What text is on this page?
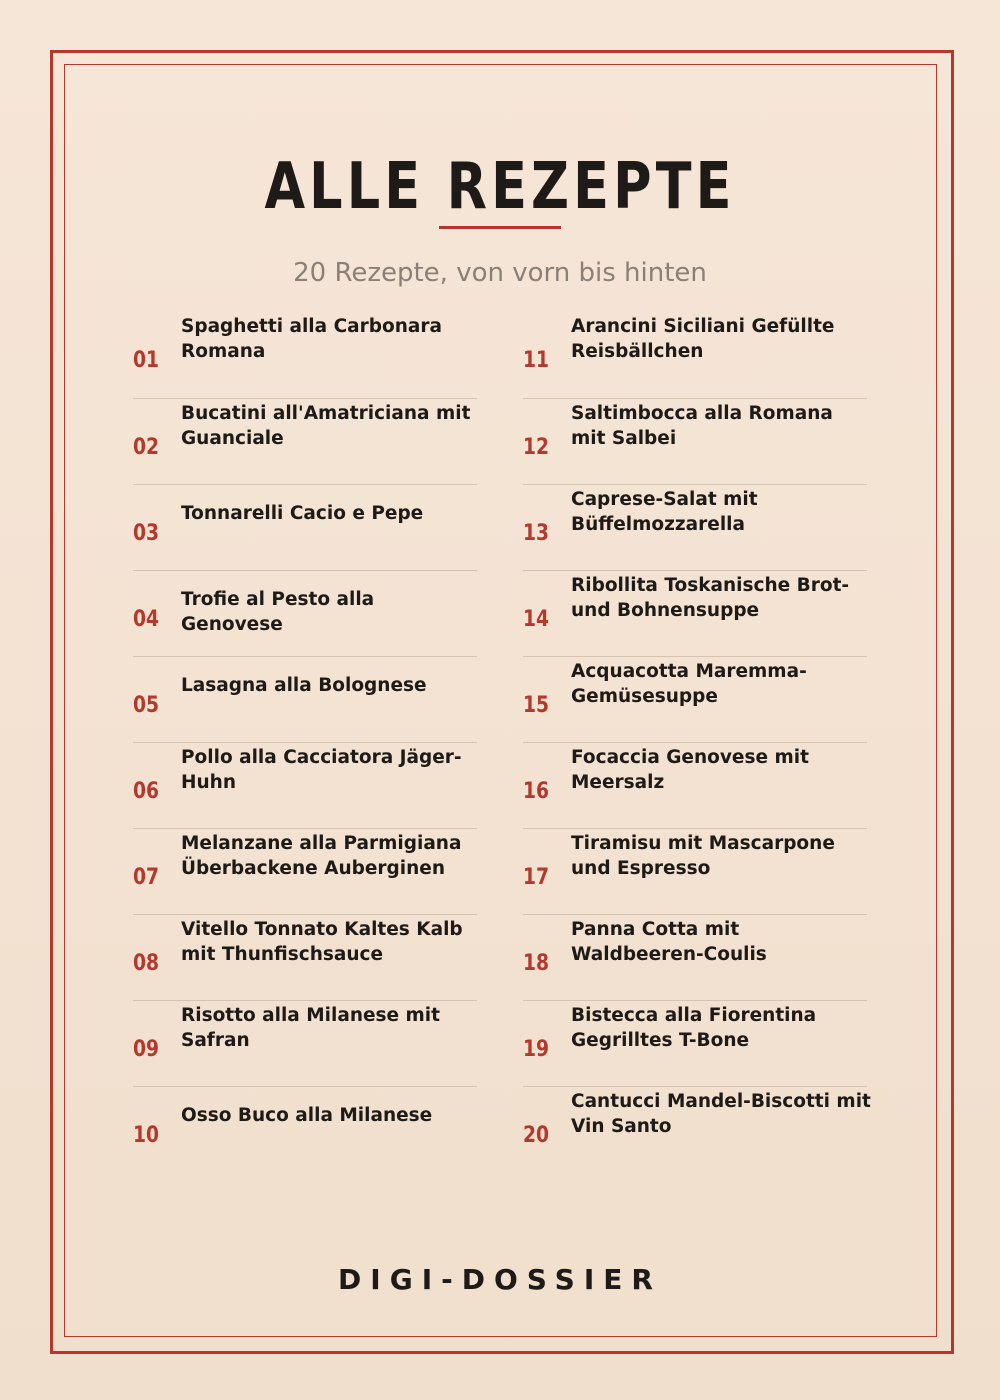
ALLE REZEPTE
20 Rezepte, von vorn bis hinten
01
Spaghetti alla Carbonara Romana
02
Bucatini all'Amatriciana mit Guanciale
03
Tonnarelli Cacio e Pepe
04
Trofie al Pesto alla Genovese
05
Lasagna alla Bolognese
06
Pollo alla Cacciatora Jäger-Huhn
07
Melanzane alla Parmigiana Überbackene Auberginen
08
Vitello Tonnato Kaltes Kalb mit Thunfischsauce
09
Risotto alla Milanese mit Safran
10
Osso Buco alla Milanese
11
Arancini Siciliani Gefüllte Reisbällchen
12
Saltimbocca alla Romana mit Salbei
13
Caprese-Salat mit Büffelmozzarella
14
Ribollita Toskanische Brot- und Bohnensuppe
15
Acquacotta Maremma-Gemüsesuppe
16
Focaccia Genovese mit Meersalz
17
Tiramisu mit Mascarpone und Espresso
18
Panna Cotta mit Waldbeeren-Coulis
19
Bistecca alla Fiorentina Gegrilltes T-Bone
20
Cantucci Mandel-Biscotti mit Vin Santo
DIGI-DOSSIER
